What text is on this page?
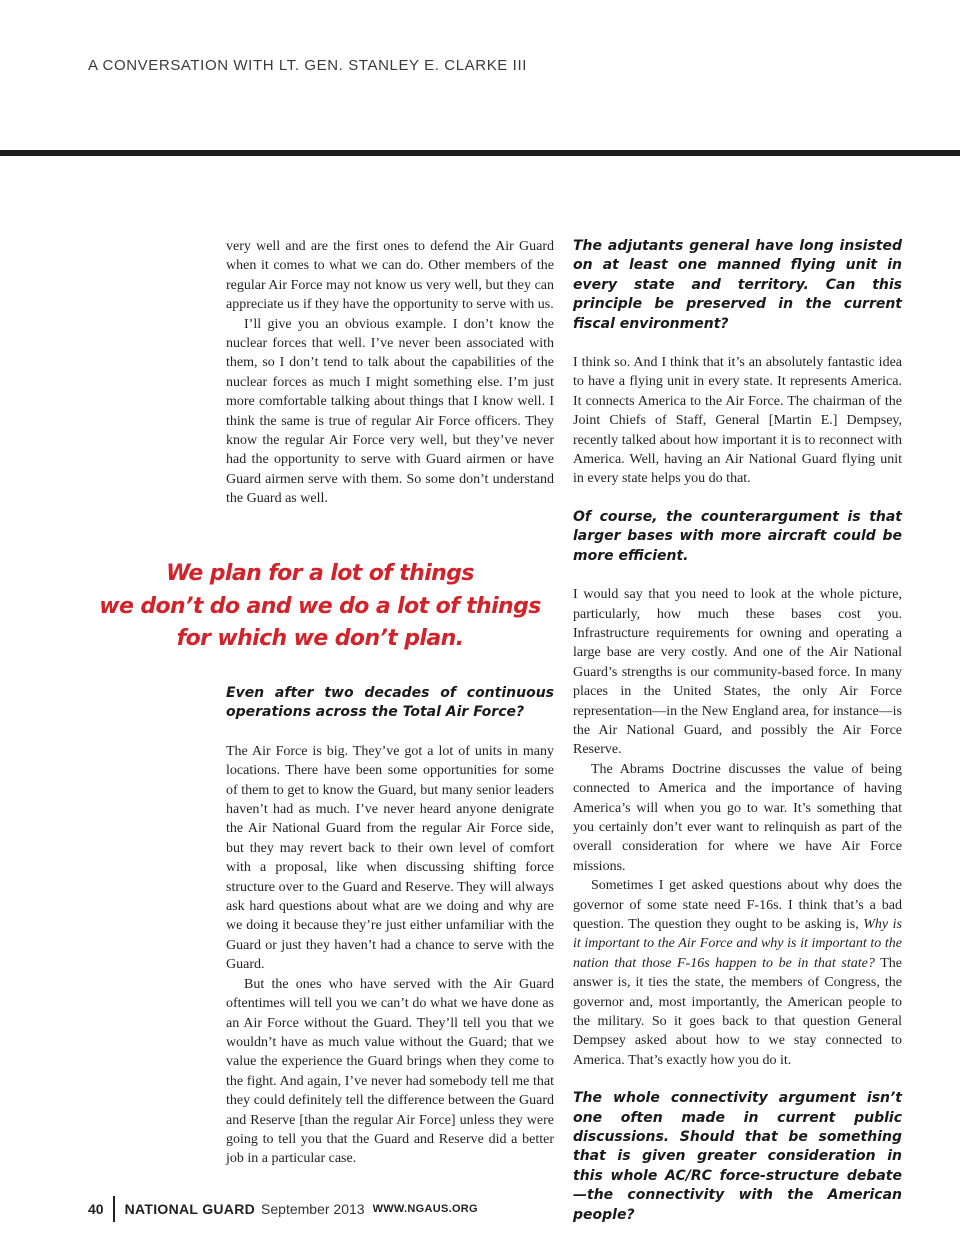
A CONVERSATION WITH LT. GEN. STANLEY E. CLARKE III

very well and are the first ones to defend the Air Guard when it comes to what we can do. Other members of the regular Air Force may not know us very well, but they can appreciate us if they have the opportunity to serve with us.

I’ll give you an obvious example. I don’t know the nuclear forces that well. I’ve never been associated with them, so I don’t tend to talk about the capabilities of the nuclear forces as much I might something else. I’m just more comfortable talking about things that I know well. I think the same is true of regular Air Force officers. They know the regular Air Force very well, but they’ve never had the opportunity to serve with Guard airmen or have Guard airmen serve with them. So some don’t understand the Guard as well.

We plan for a lot of things
we don’t do and we do a lot of things
for which we don’t plan.

Even after two decades of continuous operations across the Total Air Force?

The Air Force is big. They’ve got a lot of units in many locations. There have been some opportunities for some of them to get to know the Guard, but many senior leaders haven’t had as much. I’ve never heard anyone denigrate the Air National Guard from the regular Air Force side, but they may revert back to their own level of comfort with a proposal, like when discussing shifting force structure over to the Guard and Reserve. They will always ask hard questions about what are we doing and why are we doing it because they’re just either unfamiliar with the Guard or just they haven’t had a chance to serve with the Guard.

But the ones who have served with the Air Guard oftentimes will tell you we can’t do what we have done as an Air Force without the Guard. They’ll tell you that we wouldn’t have as much value without the Guard; that we value the experience the Guard brings when they come to the fight. And again, I’ve never had somebody tell me that they could definitely tell the difference between the Guard and Reserve [than the regular Air Force] unless they were going to tell you that the Guard and Reserve did a better job in a particular case.

The adjutants general have long insisted on at least one manned flying unit in every state and territory. Can this principle be preserved in the current fiscal environment?

I think so. And I think that it’s an absolutely fantastic idea to have a flying unit in every state. It represents America. It connects America to the Air Force. The chairman of the Joint Chiefs of Staff, General [Martin E.] Dempsey, recently talked about how important it is to reconnect with America. Well, having an Air National Guard flying unit in every state helps you do that.

Of course, the counterargument is that larger bases with more aircraft could be more efficient.

I would say that you need to look at the whole picture, particularly, how much these bases cost you. Infrastructure requirements for owning and operating a large base are very costly. And one of the Air National Guard’s strengths is our community-based force. In many places in the United States, the only Air Force representation—in the New England area, for instance—is the Air National Guard, and possibly the Air Force Reserve.

The Abrams Doctrine discusses the value of being connected to America and the importance of having America’s will when you go to war. It’s something that you certainly don’t ever want to relinquish as part of the overall consideration for where we have Air Force missions.

Sometimes I get asked questions about why does the governor of some state need F-16s. I think that’s a bad question. The question they ought to be asking is, Why is it important to the Air Force and why is it important to the nation that those F-16s happen to be in that state? The answer is, it ties the state, the members of Congress, the governor and, most importantly, the American people to the military. So it goes back to that question General Dempsey asked about how to we stay connected to America. That’s exactly how you do it.

The whole connectivity argument isn’t one often made in current public discussions. Should that be something that is given greater consideration in this whole AC/RC force-structure debate—the connectivity with the American people?

40 NATIONAL GUARD September 2013 WWW.NGAUS.ORG
